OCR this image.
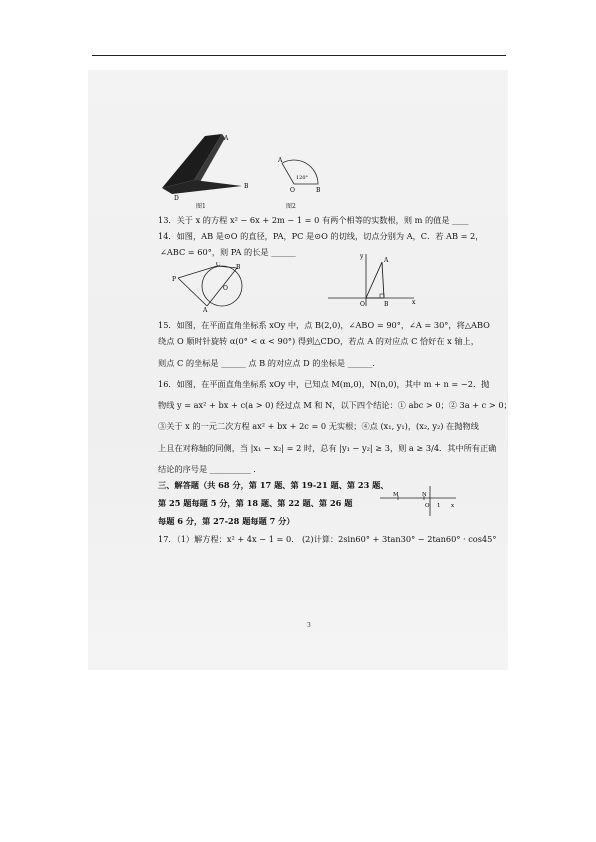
A
B
D
图1
A
O	B
120°
图2
13．关于 x 的方程 x² − 6x + 2m − 1 = 0 有两个相等的实数根，则 m 的值是 ____
14．如图，AB 是⊙O 的直径，PA，PC 是⊙O 的切线，切点分别为 A，C．若 AB = 2，
∠ABC = 60°，则 PA 的长是 ______
P
C	B
O
A
y
A
O	B	x
15．如图，在平面直角坐标系 xOy 中，点 B(2,0)，∠ABO = 90°，∠A = 30°，将△ABO
绕点 O 顺时针旋转 α(0° < α < 90°) 得到△CDO，若点 A 的对应点 C 恰好在 x 轴上，
则点 C 的坐标是 ______ 点 B 的对应点 D 的坐标是 ______.
16．如图，在平面直角坐标系 xOy 中，已知点 M(m,0)，N(n,0)，其中 m + n = −2．抛
物线 y = ax² + bx + c(a > 0) 经过点 M 和 N，以下四个结论：① abc > 0；② 3a + c > 0；
③关于 x 的一元二次方程 ax² + bx + 2c = 0 无实根；④点 (x₁, y₁)，(x₂, y₂) 在抛物线
上且在对称轴的同侧，当 |x₁ − x₂| = 2 时，总有 |y₁ − y₂| ≥ 3，则 a ≥ 3/4．其中所有正确
结论的序号是 __________ .
三、解答题（共 68 分，第 17 题、第 19-21 题、第 23 题、
第 25 题每题 5 分，第 18 题、第 22 题、第 26 题
每题 6 分，第 27-28 题每题 7 分）
M	N
O 1 x
17．（1）解方程：x² + 4x − 1 = 0． (2)计算：2sin60° + 3tan30° − 2tan60° · cos45°
3
